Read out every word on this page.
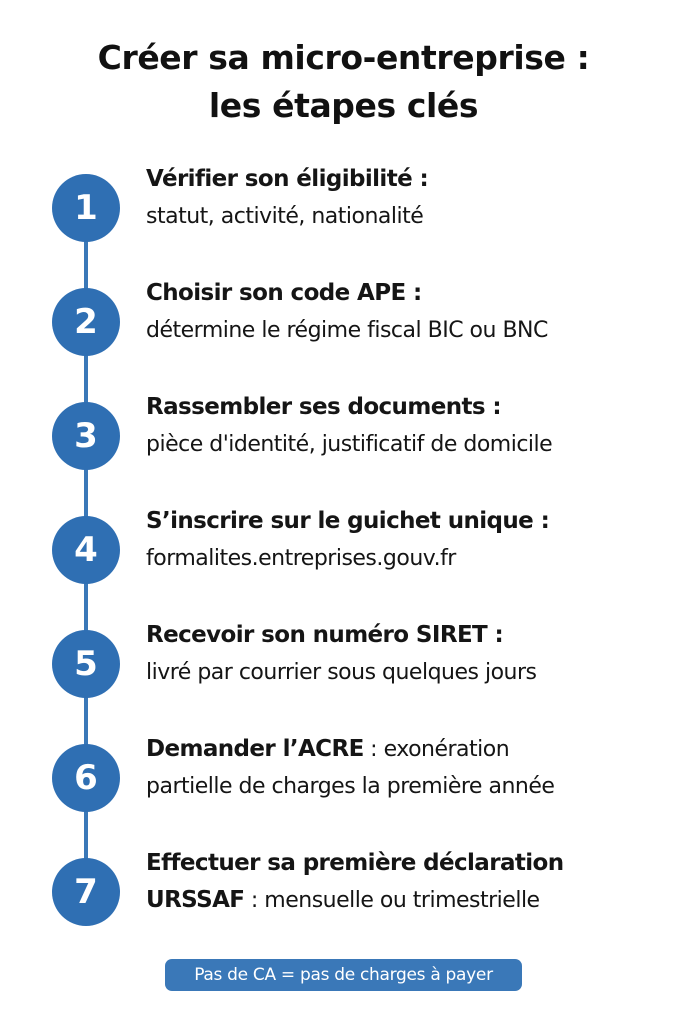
Créer sa micro-entreprise :
les étapes clés
1
Vérifier son éligibilité :
statut, activité, nationalité
2
Choisir son code APE :
détermine le régime fiscal BIC ou BNC
3
Rassembler ses documents :
pièce d'identité, justificatif de domicile
4
S’inscrire sur le guichet unique :
formalites.entreprises.gouv.fr
5
Recevoir son numéro SIRET :
livré par courrier sous quelques jours
6
Demander l’ACRE : exonération
partielle de charges la première année
7
Effectuer sa première déclaration
URSSAF : mensuelle ou trimestrielle
Pas de CA = pas de charges à payer
